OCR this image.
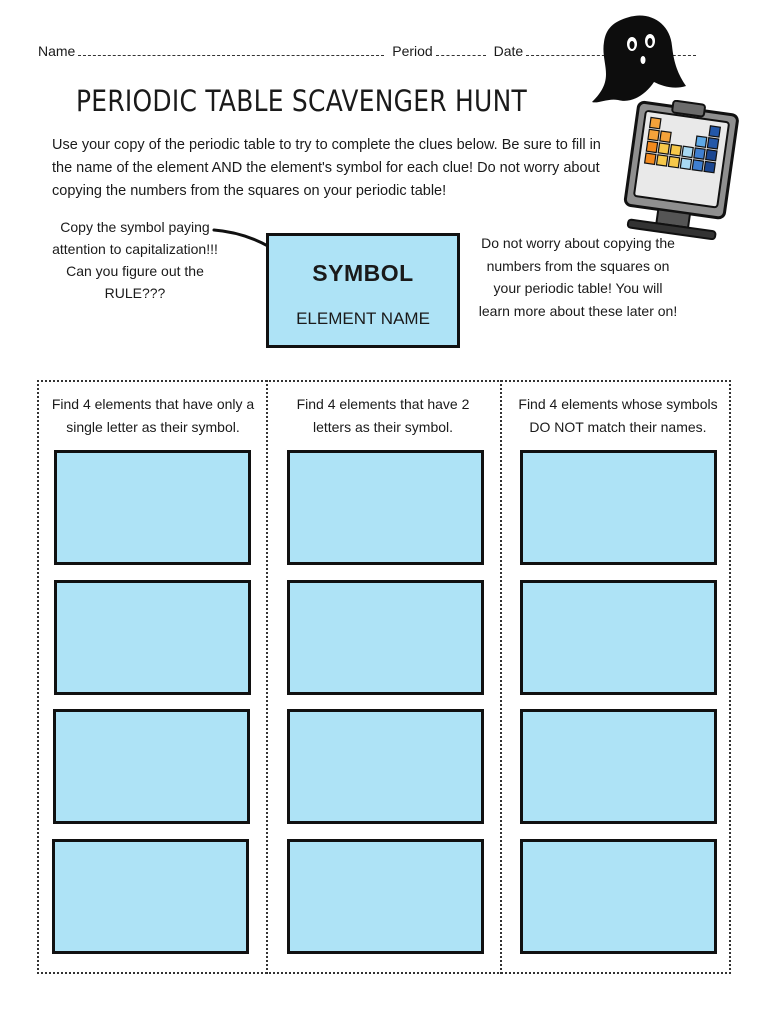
Name	Period	Date
PERIODIC TABLE SCAVENGER HUNT
Use your copy of the periodic table to try to complete the clues below. Be sure to fill in the name of the element AND the element's symbol for each clue! Do not worry about copying the numbers from the squares on your periodic table!
Copy the symbol paying attention to capitalization!!! Can you figure out the RULE???
SYMBOL
ELEMENT NAME
Do not worry about copying the numbers from the squares on your periodic table! You will learn more about these later on!
Find 4 elements that have only a single letter as their symbol.
Find 4 elements that have 2 letters as their symbol.
Find 4 elements whose symbols DO NOT match their names.
